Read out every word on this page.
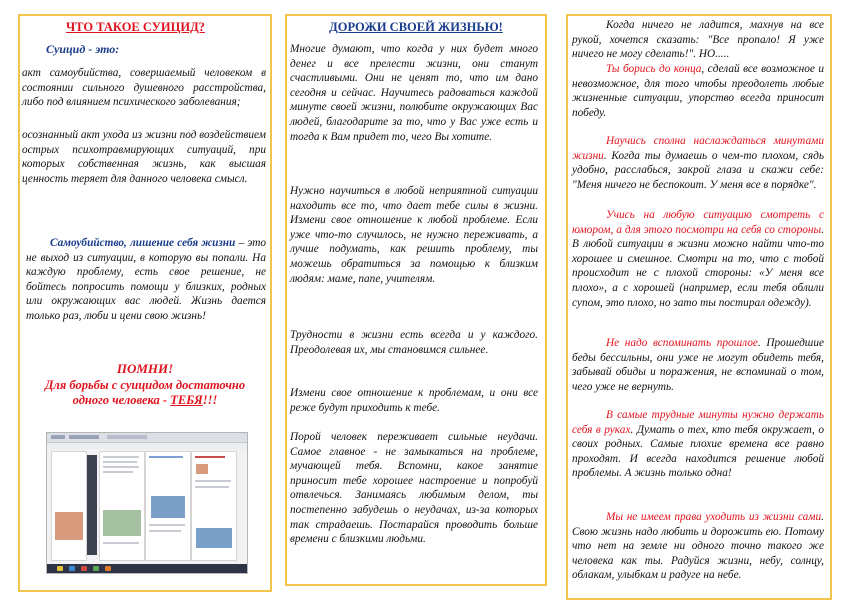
ЧТО ТАКОЕ СУИЦИД?

Суицид - это:

акт самоубийства, совершаемый человеком в состоянии сильного душевного расстройства, либо под влиянием психического заболевания;

осознанный акт ухода из жизни под воздействием острых психотравмирующих ситуаций, при которых собственная жизнь, как высшая ценность теряет для данного человека смысл.

Самоубийство, лишение себя жизни – это не выход из ситуации, в которую вы попали. На каждую проблему, есть свое решение, не бойтесь попросить помощи у близких, родных или окружающих вас людей. Жизнь дается только раз, люби и цени свою жизнь!

ПОМНИ!

Для борьбы с суицидом достаточно одного человека - ТЕБЯ!!!

ДОРОЖИ СВОЕЙ ЖИЗНЬЮ!

Многие думают, что когда у них будет много денег и все прелести жизни, они станут счастливыми. Они не ценят то, что им дано сегодня и сейчас. Научитесь радоваться каждой минуте своей жизни, полюбите окружающих Вас людей, благодарите за то, что у Вас уже есть и тогда к Вам придет то, чего Вы хотите.

Нужно научиться в любой неприятной ситуации находить все то, что дает тебе силы в жизни. Измени свое отношение к любой проблеме. Если уже что-то случилось, не нужно переживать, а лучше подумать, как решить проблему, ты можешь обратиться за помощью к близким людям: маме, папе, учителям.

Трудности в жизни есть всегда и у каждого. Преодолевая их, мы становимся сильнее.

Измени свое отношение к проблемам, и они все реже будут приходить к тебе.

Порой человек переживает сильные неудачи. Самое главное - не замыкаться на проблеме, мучающей тебя. Вспомни, какое занятие приносит тебе хорошее настроение и попробуй отвлечься. Занимаясь любимым делом, ты постепенно забудешь о неудачах, из-за которых так страдаешь. Постарайся проводить больше времени с близкими людьми.

Когда ничего не ладится, махнув на все рукой, хочется сказать: "Все пропало! Я уже ничего не могу сделать!". НО.....

Ты борись до конца, сделай все возможное и невозможное, для того чтобы преодолеть любые жизненные ситуации, упорство всегда приносит победу.

Научись сполна наслаждаться минутами жизни. Когда ты думаешь о чем-то плохом, сядь удобно, расслабься, закрой глаза и скажи себе: "Меня ничего не беспокоит. У меня все в порядке".

Учись на любую ситуацию смотреть с юмором, а для этого посмотри на себя со стороны. В любой ситуации в жизни можно найти что-то хорошее и смешное. Смотри на то, что с тобой происходит не с плохой стороны: «У меня все плохо», а с хорошей (например, если тебя облили супом, это плохо, но зато ты постирал одежду).

Не надо вспоминать прошлое. Прошедшие беды бессильны, они уже не могут обидеть тебя, забывай обиды и поражения, не вспоминай о том, чего уже не вернуть.

В самые трудные минуты нужно держать себя в руках. Думать о тех, кто тебя окружает, о своих родных. Самые плохие времена все равно проходят. И всегда находится решение любой проблемы. А жизнь только одна!

Мы не имеем права уходить из жизни сами. Свою жизнь надо любить и дорожить ею. Потому что нет на земле ни одного точно такого же человека как ты. Радуйся жизни, небу, солнцу, облакам, улыбкам и радуге на небе.
